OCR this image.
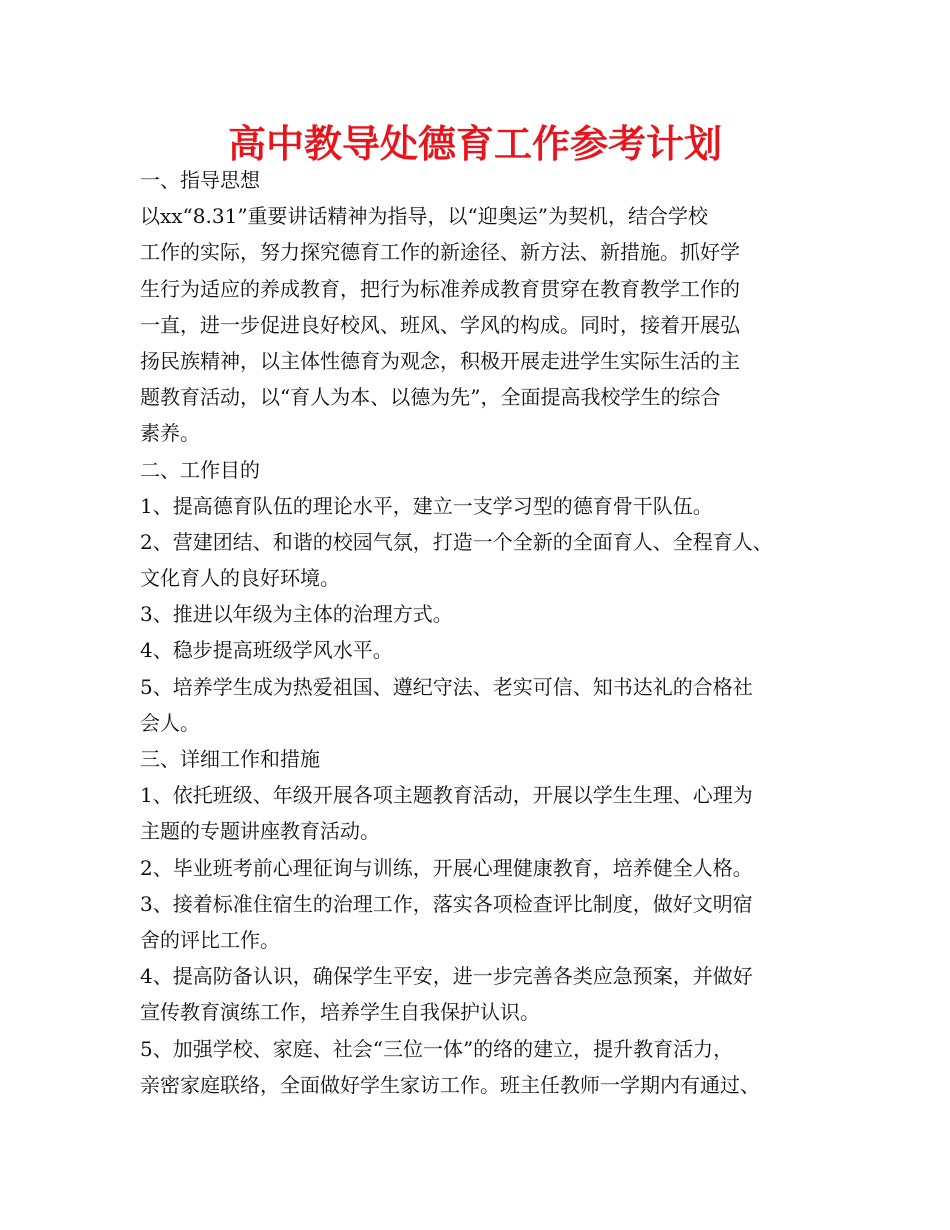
高中教导处德育工作参考计划
一、指导思想
以xx“8.31”重要讲话精神为指导，以“迎奥运”为契机，结合学校
工作的实际，努力探究德育工作的新途径、新方法、新措施。抓好学
生行为适应的养成教育，把行为标准养成教育贯穿在教育教学工作的
一直，进一步促进良好校风、班风、学风的构成。同时，接着开展弘
扬民族精神，以主体性德育为观念，积极开展走进学生实际生活的主
题教育活动，以“育人为本、以德为先”，全面提高我校学生的综合
素养。
二、工作目的
1、提高德育队伍的理论水平，建立一支学习型的德育骨干队伍。
2、营建团结、和谐的校园气氛，打造一个全新的全面育人、全程育人、
文化育人的良好环境。
3、推进以年级为主体的治理方式。
4、稳步提高班级学风水平。
5、培养学生成为热爱祖国、遵纪守法、老实可信、知书达礼的合格社
会人。
三、详细工作和措施
1、依托班级、年级开展各项主题教育活动，开展以学生生理、心理为
主题的专题讲座教育活动。
2、毕业班考前心理征询与训练，开展心理健康教育，培养健全人格。
3、接着标准住宿生的治理工作，落实各项检查评比制度，做好文明宿
舍的评比工作。
4、提高防备认识，确保学生平安，进一步完善各类应急预案，并做好
宣传教育演练工作，培养学生自我保护认识。
5、加强学校、家庭、社会“三位一体”的络的建立，提升教育活力，
亲密家庭联络，全面做好学生家访工作。班主任教师一学期内有通过、
